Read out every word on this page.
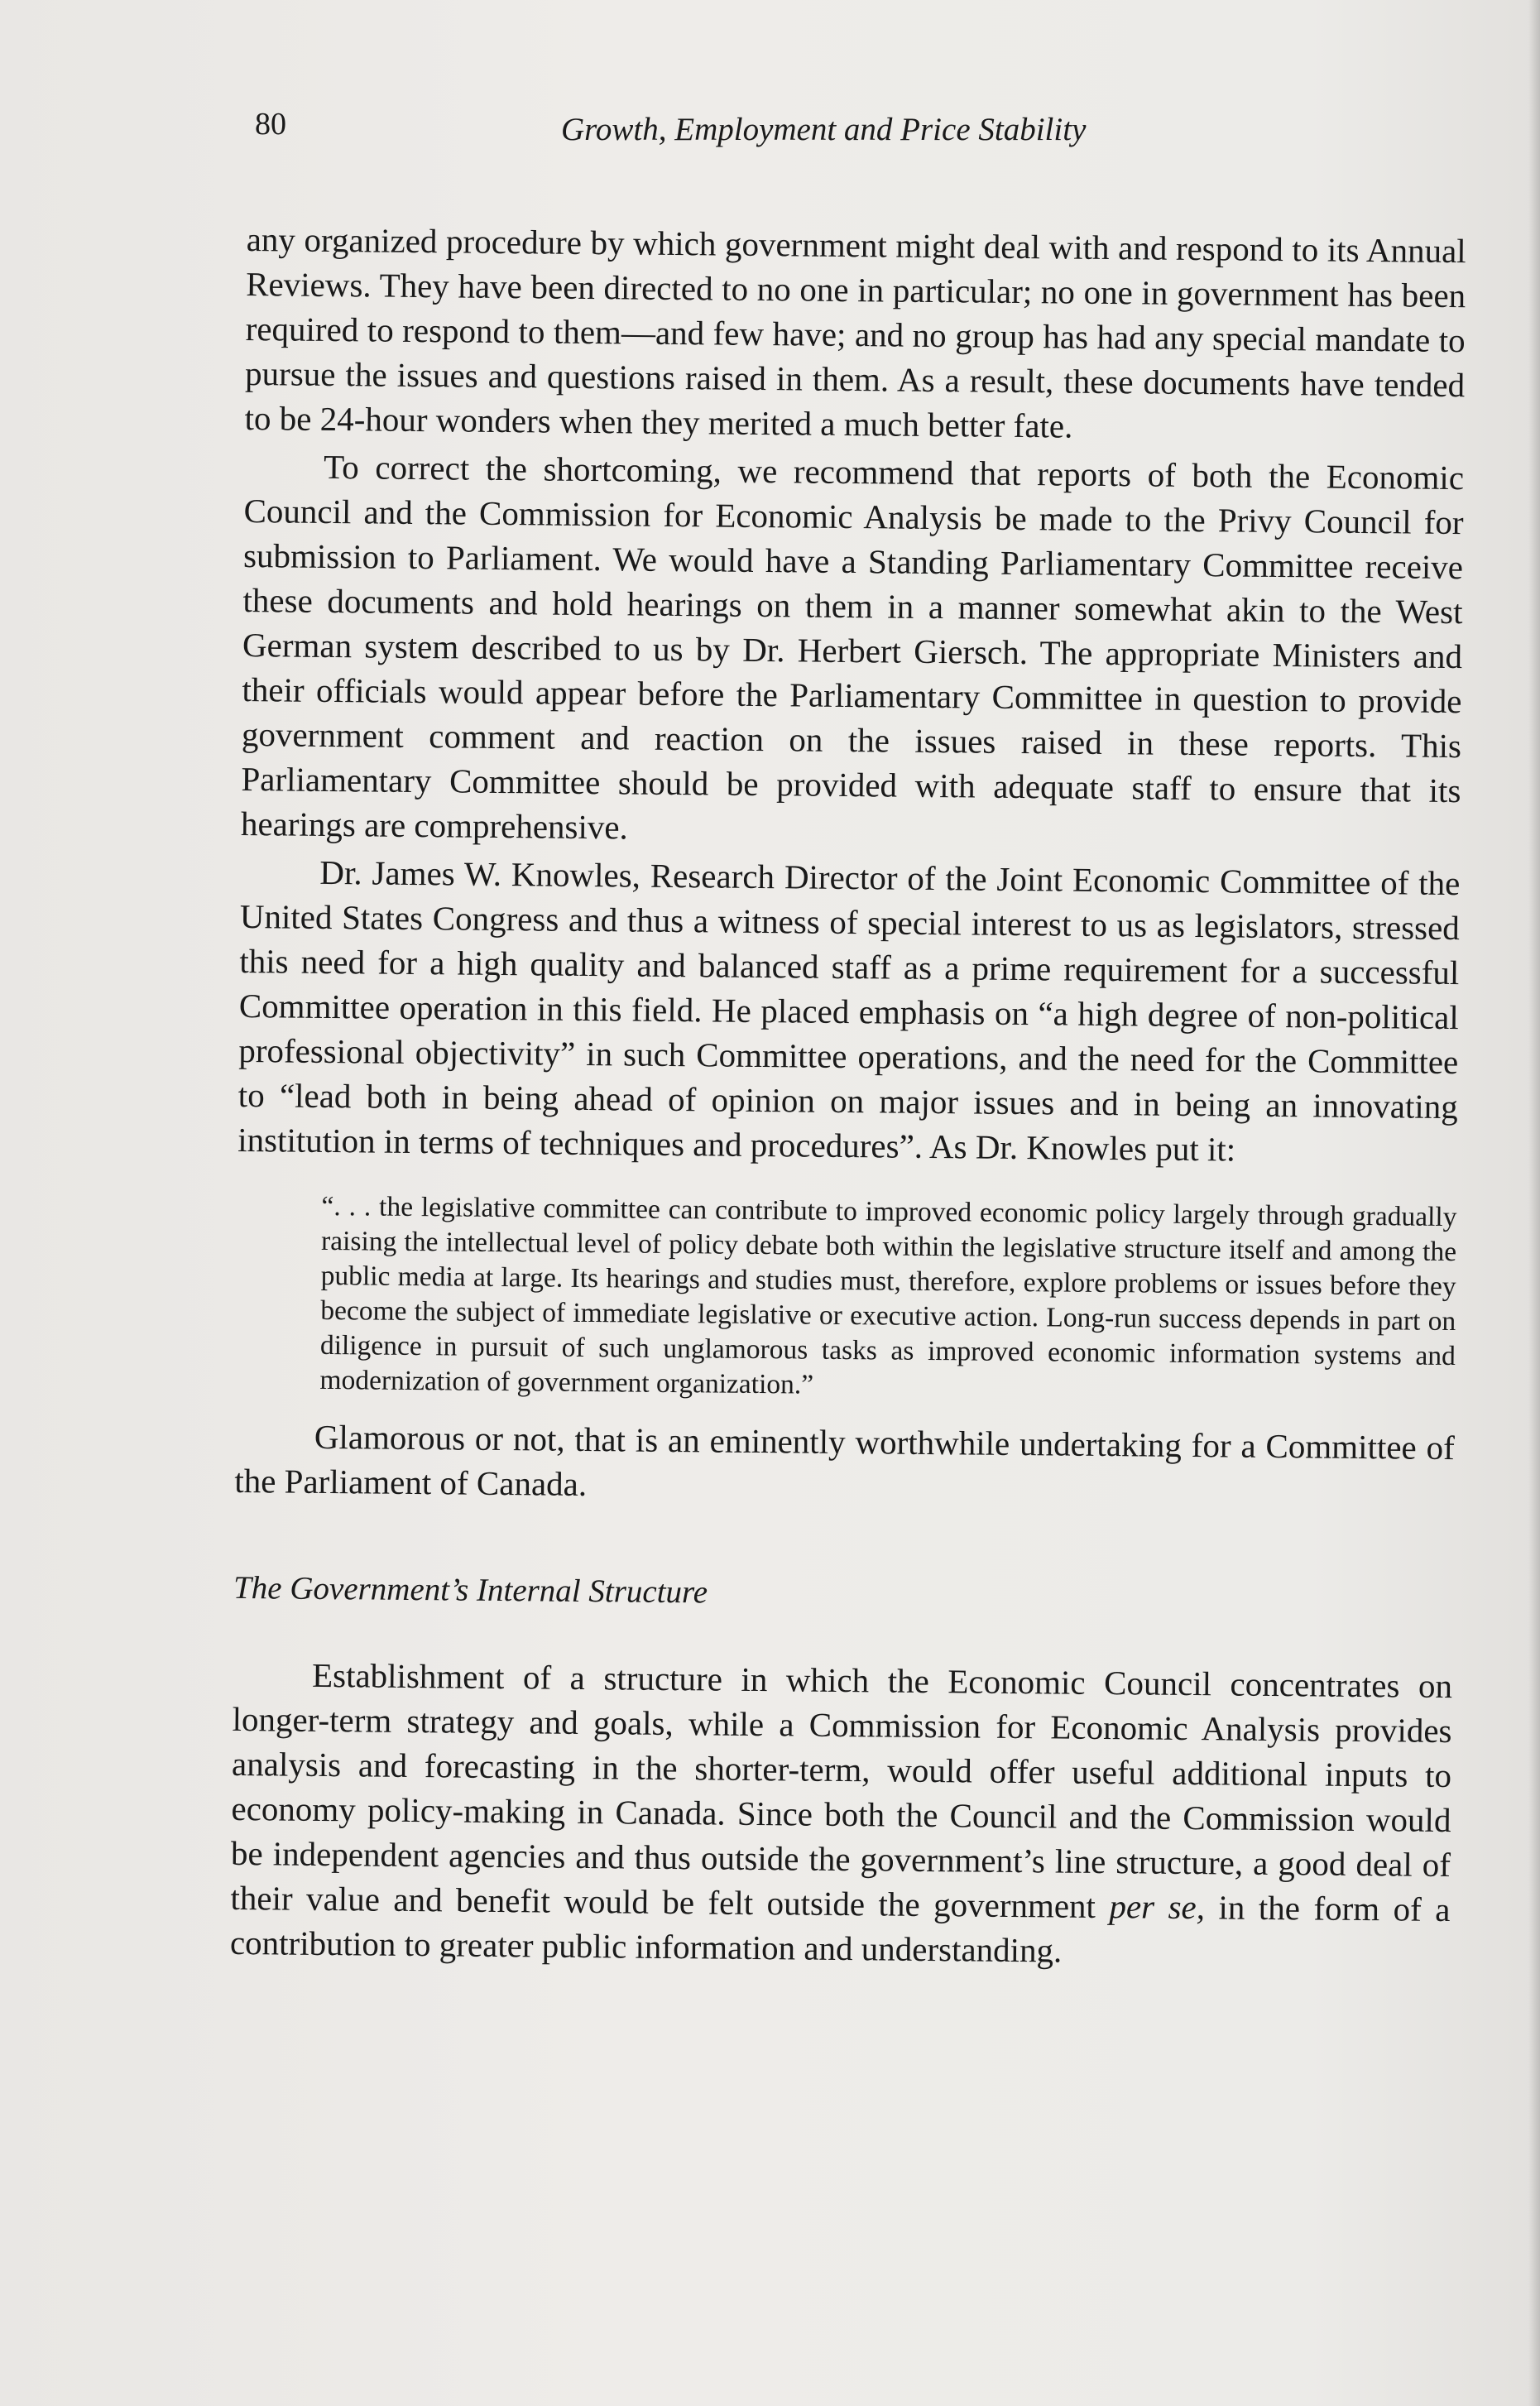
80	Growth, Employment and Price Stability

any organized procedure by which government might deal with and respond to its Annual Reviews. They have been directed to no one in particular; no one in government has been required to respond to them—and few have; and no group has had any special mandate to pursue the issues and questions raised in them. As a result, these documents have tended to be 24-hour wonders when they merited a much better fate.

To correct the shortcoming, we recommend that reports of both the Economic Council and the Commission for Economic Analysis be made to the Privy Council for submission to Parliament. We would have a Standing Parliamentary Committee receive these documents and hold hearings on them in a manner somewhat akin to the West German system described to us by Dr. Herbert Giersch. The appropriate Ministers and their officials would appear before the Parliamentary Committee in question to provide government comment and reaction on the issues raised in these reports. This Parliamentary Committee should be provided with adequate staff to ensure that its hearings are comprehensive.

Dr. James W. Knowles, Research Director of the Joint Economic Committee of the United States Congress and thus a witness of special interest to us as legislators, stressed this need for a high quality and balanced staff as a prime requirement for a successful Committee operation in this field. He placed emphasis on “a high degree of non-political professional objectivity” in such Committee operations, and the need for the Committee to “lead both in being ahead of opinion on major issues and in being an innovating institution in terms of techniques and procedures”. As Dr. Knowles put it:

“. . . the legislative committee can contribute to improved economic policy largely through gradually raising the intellectual level of policy debate both within the legislative structure itself and among the public media at large. Its hearings and studies must, therefore, explore problems or issues before they become the subject of immediate legislative or executive action. Long-run success depends in part on diligence in pursuit of such unglamorous tasks as improved economic information systems and modernization of government organization.”

Glamorous or not, that is an eminently worthwhile undertaking for a Committee of the Parliament of Canada.

The Government’s Internal Structure

Establishment of a structure in which the Economic Council concentrates on longer-term strategy and goals, while a Commission for Economic Analysis provides analysis and forecasting in the shorter-term, would offer useful additional inputs to economy policy-making in Canada. Since both the Council and the Commission would be independent agencies and thus outside the government’s line structure, a good deal of their value and benefit would be felt outside the government per se, in the form of a contribution to greater public information and understanding.
